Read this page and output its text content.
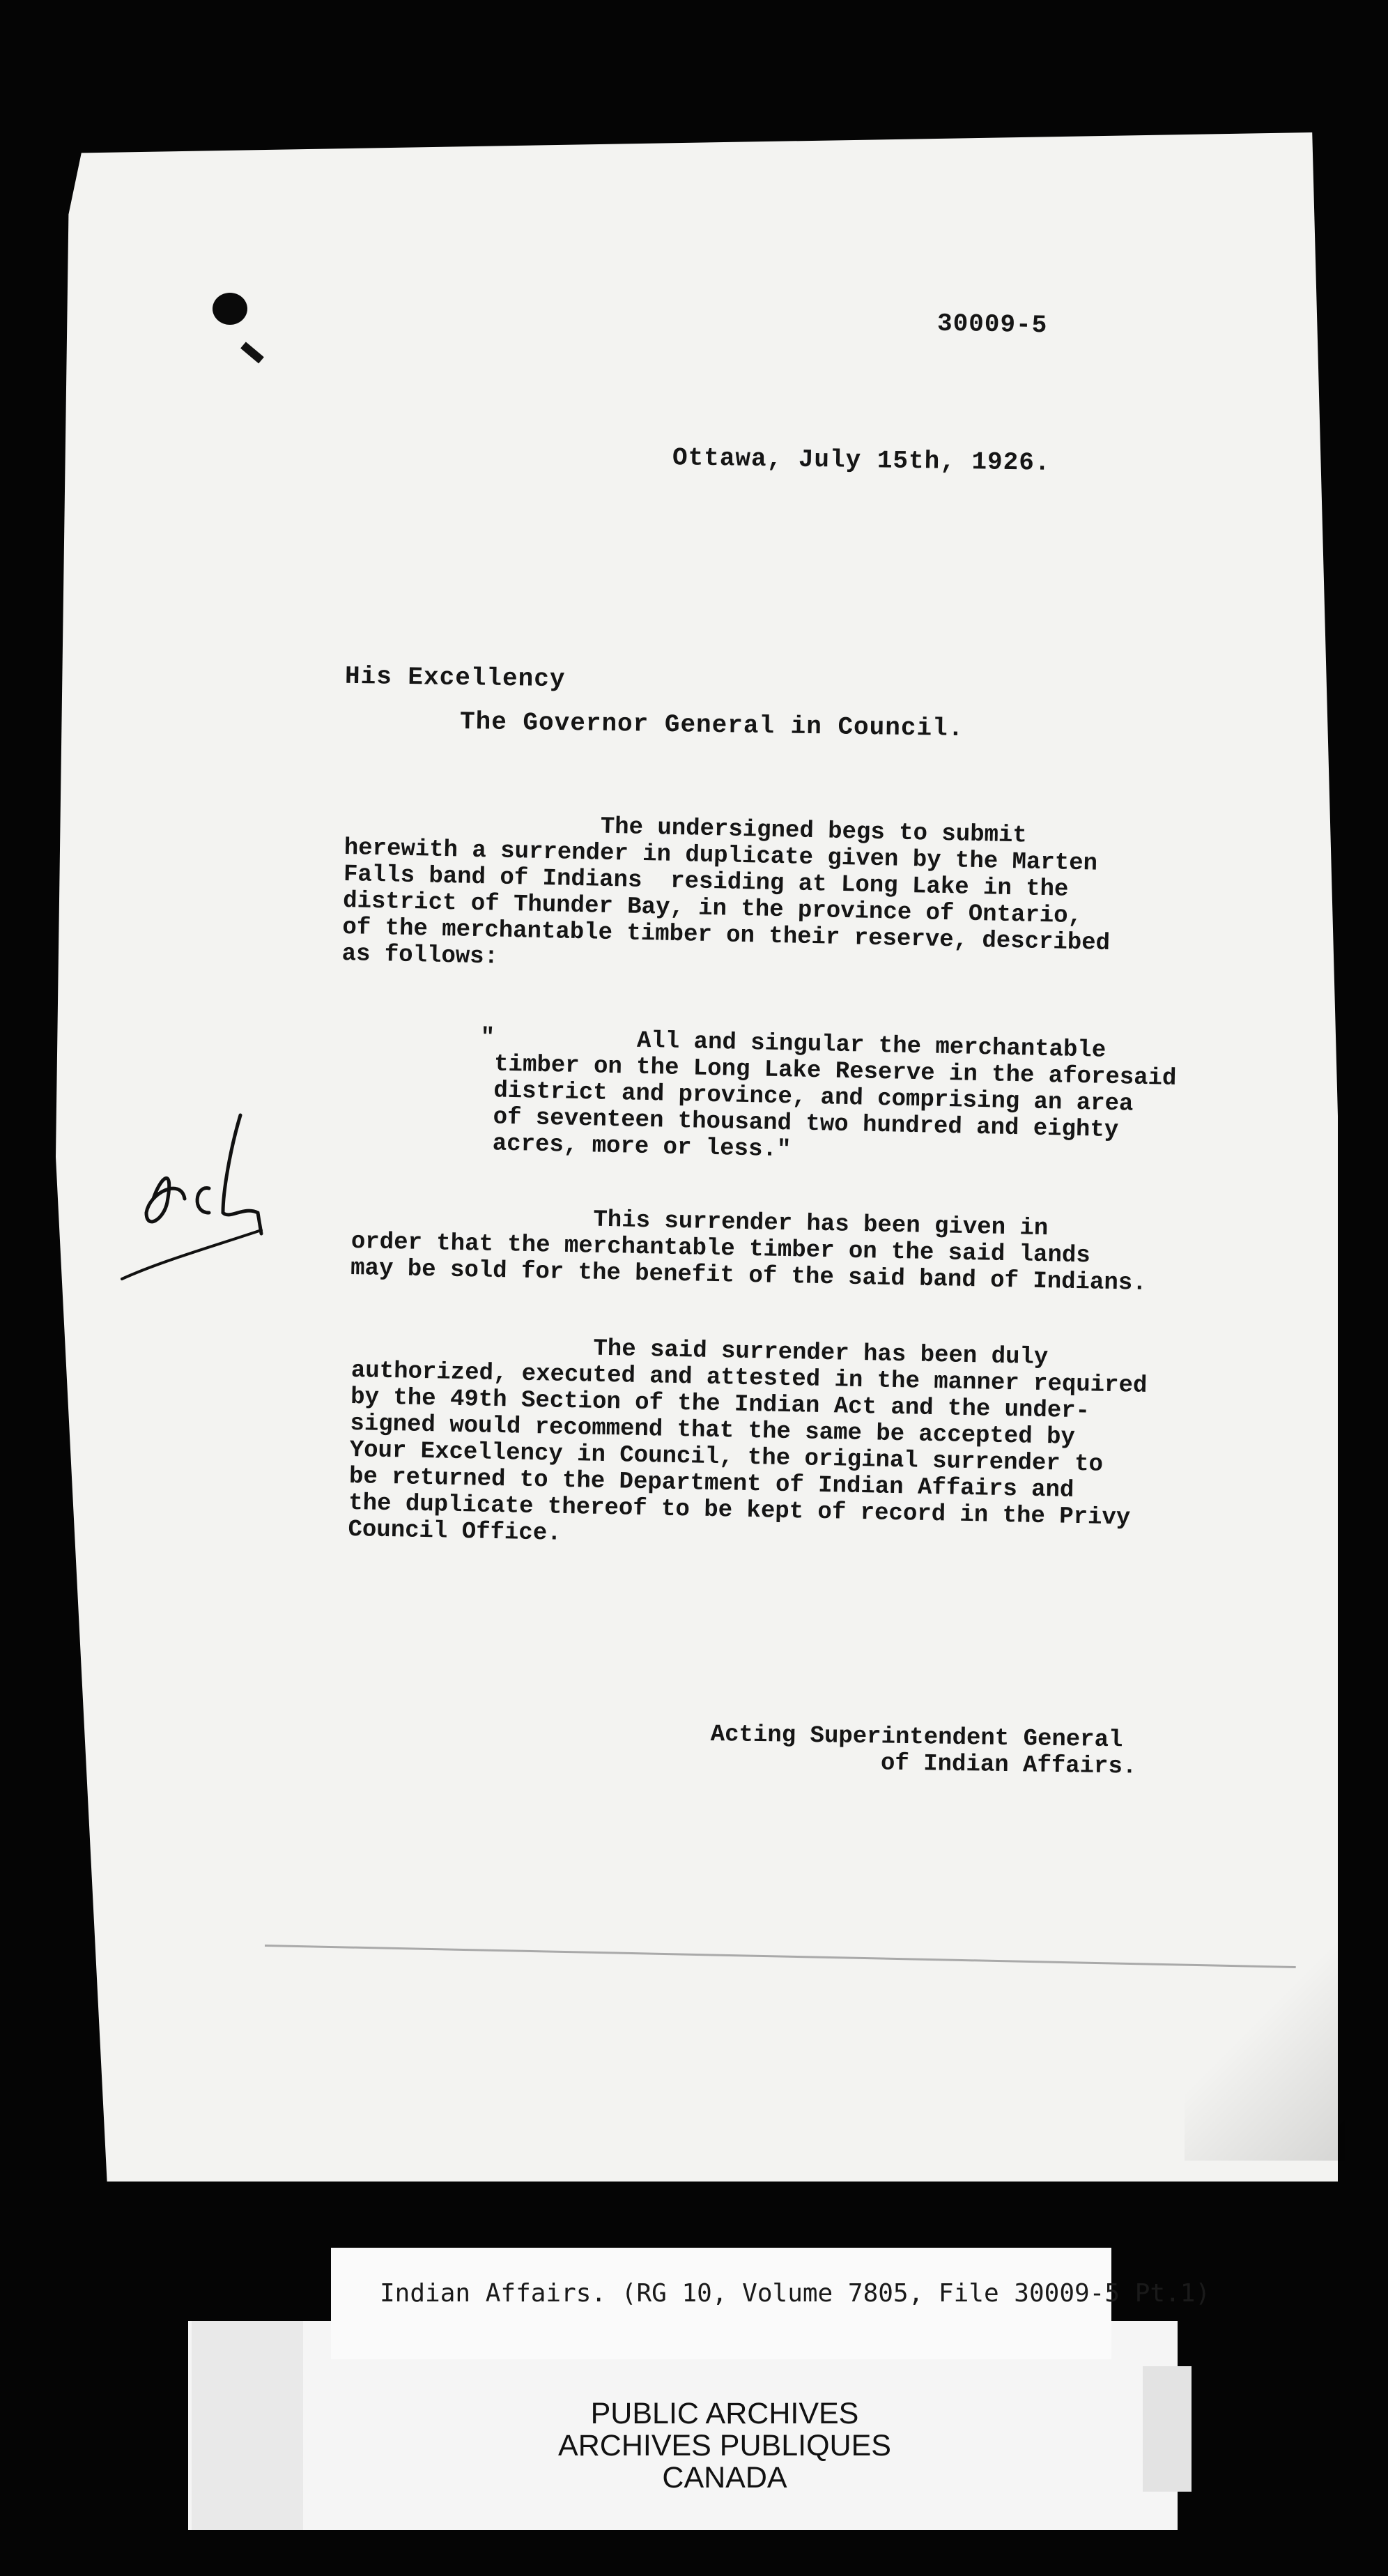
30009-5
Ottawa, July 15th, 1926.
His Excellency
The Governor General in Council.
The undersigned begs to submit
herewith a surrender in duplicate given by the Marten
Falls band of Indians  residing at Long Lake in the
district of Thunder Bay, in the province of Ontario,
of the merchantable timber on their reserve, described
as follows:
"          All and singular the merchantable
timber on the Long Lake Reserve in the aforesaid
district and province, and comprising an area
of seventeen thousand two hundred and eighty
acres, more or less."
This surrender has been given in
order that the merchantable timber on the said lands
may be sold for the benefit of the said band of Indians.
The said surrender has been duly
authorized, executed and attested in the manner required
by the 49th Section of the Indian Act and the under-
signed would recommend that the same be accepted by
Your Excellency in Council, the original surrender to
be returned to the Department of Indian Affairs and
the duplicate thereof to be kept of record in the Privy
Council Office.
Acting Superintendent General
of Indian Affairs.
Indian Affairs. (RG 10, Volume 7805, File 30009-5 Pt.1)
PUBLIC ARCHIVES
ARCHIVES PUBLIQUES
CANADA
